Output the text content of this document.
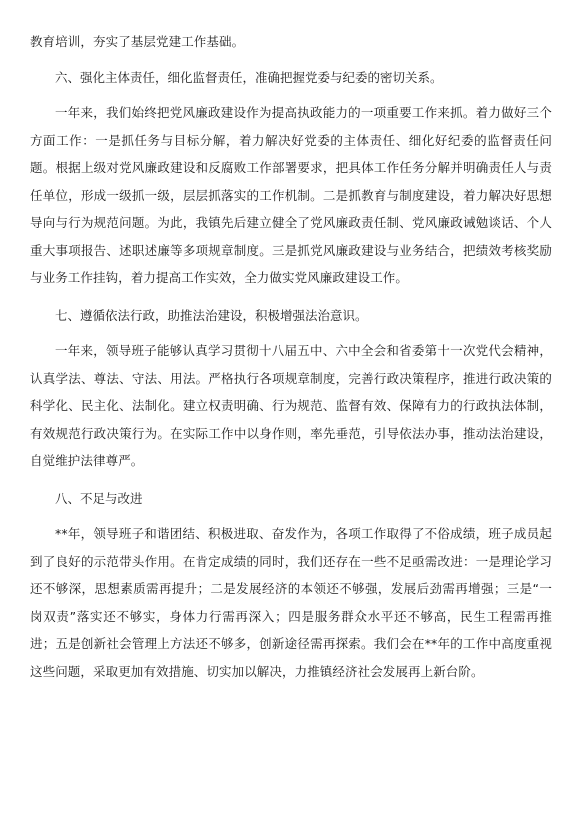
教育培训，夯实了基层党建工作基础。

六、强化主体责任，细化监督责任，准确把握党委与纪委的密切关系。

一年来，我们始终把党风廉政建设作为提高执政能力的一项重要工作来抓。着力做好三个方面工作：一是抓任务与目标分解，着力解决好党委的主体责任、细化好纪委的监督责任问题。根据上级对党风廉政建设和反腐败工作部署要求，把具体工作任务分解并明确责任人与责任单位，形成一级抓一级，层层抓落实的工作机制。二是抓教育与制度建设，着力解决好思想导向与行为规范问题。为此，我镇先后建立健全了党风廉政责任制、党风廉政诫勉谈话、个人重大事项报告、述职述廉等多项规章制度。三是抓党风廉政建设与业务结合，把绩效考核奖励与业务工作挂钩，着力提高工作实效，全力做实党风廉政建设工作。

七、遵循依法行政，助推法治建设，积极增强法治意识。

一年来，领导班子能够认真学习贯彻十八届五中、六中全会和省委第十一次党代会精神，认真学法、尊法、守法、用法。严格执行各项规章制度，完善行政决策程序，推进行政决策的科学化、民主化、法制化。建立权责明确、行为规范、监督有效、保障有力的行政执法体制，有效规范行政决策行为。在实际工作中以身作则，率先垂范，引导依法办事，推动法治建设，自觉维护法律尊严。

八、不足与改进

**年，领导班子和谐团结、积极进取、奋发作为，各项工作取得了不俗成绩，班子成员起到了良好的示范带头作用。在肯定成绩的同时，我们还存在一些不足亟需改进：一是理论学习还不够深，思想素质需再提升；二是发展经济的本领还不够强，发展后劲需再增强；三是“一岗双责”落实还不够实，身体力行需再深入；四是服务群众水平还不够高，民生工程需再推进；五是创新社会管理上方法还不够多，创新途径需再探索。我们会在**年的工作中高度重视这些问题，采取更加有效措施、切实加以解决，力推镇经济社会发展再上新台阶。
